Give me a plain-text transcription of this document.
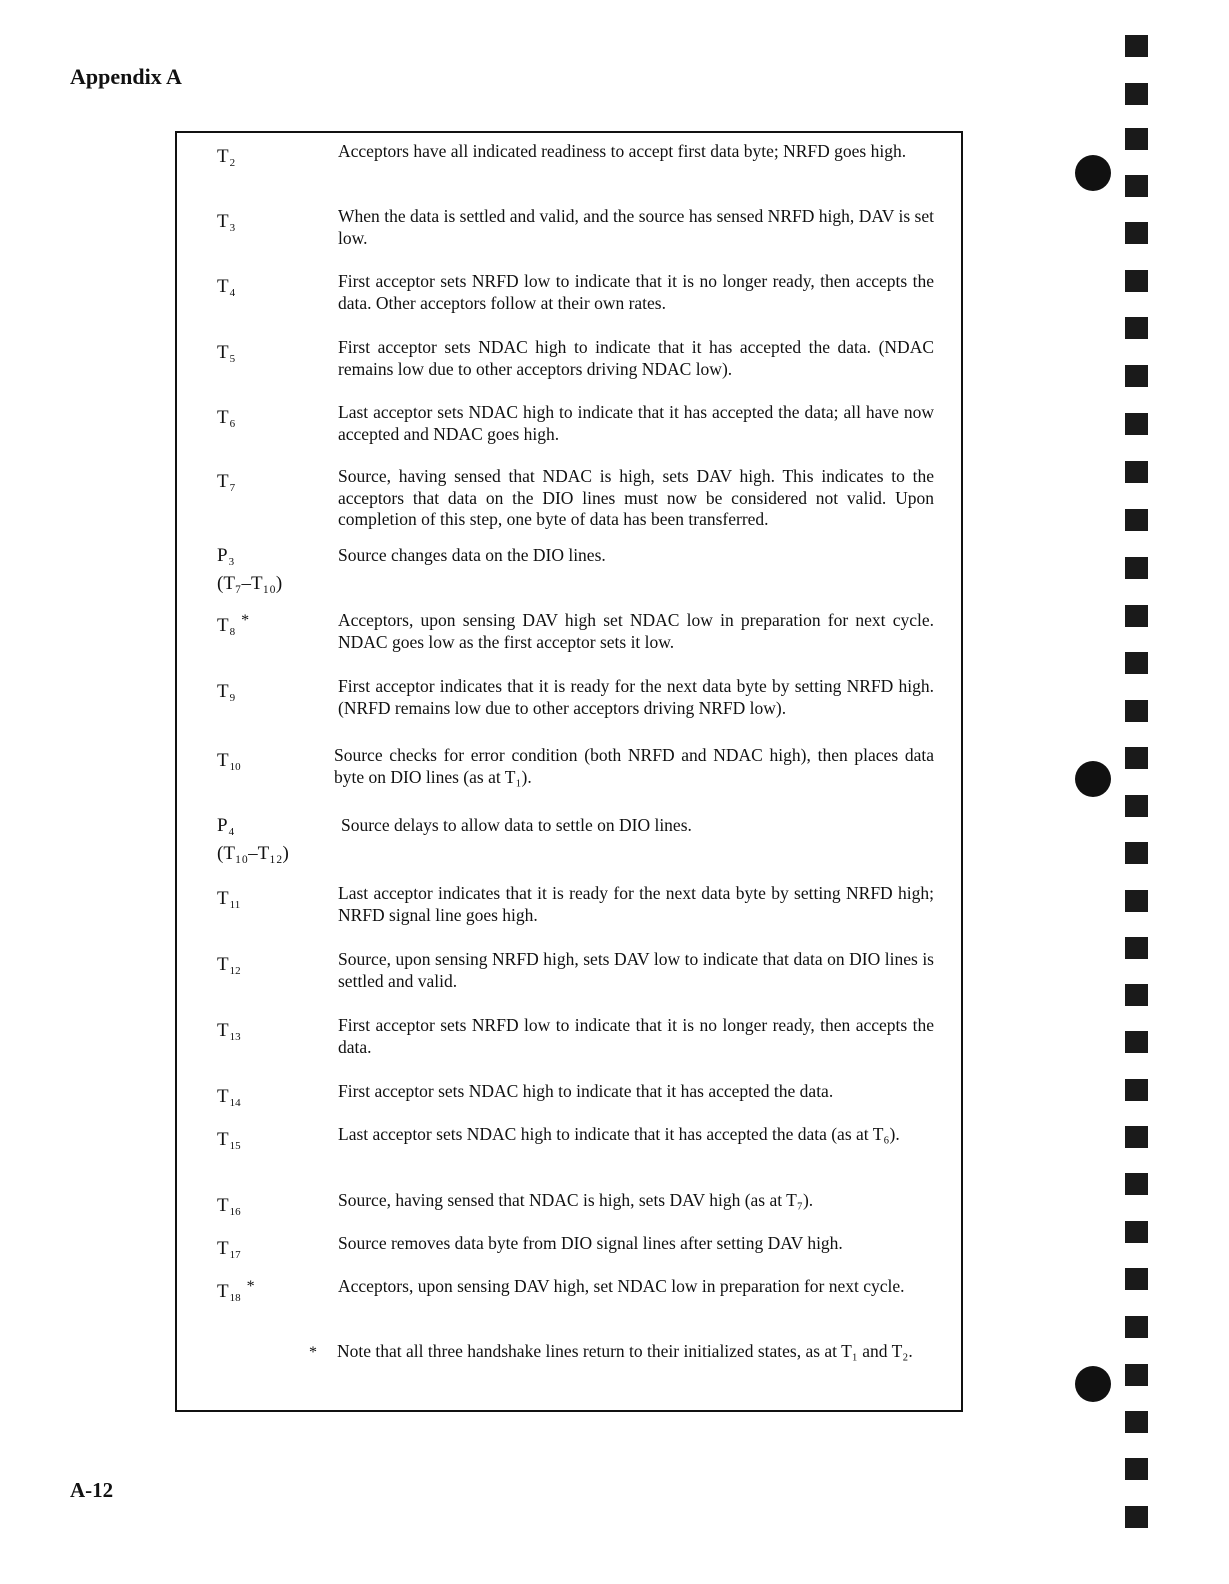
Appendix A
$T_2$
Acceptors have all indicated readiness to accept first data byte; NRFD goes high.
$T_3$
When the data is settled and valid, and the source has sensed NRFD high, DAV is set low.
$T_4$
First acceptor sets NRFD low to indicate that it is no longer ready, then accepts the data. Other acceptors follow at their own rates.
$T_5$
First acceptor sets NDAC high to indicate that it has accepted the data. (NDAC remains low due to other acceptors driving NDAC low).
$T_6$
Last acceptor sets NDAC high to indicate that it has accepted the data; all have now accepted and NDAC goes high.
$T_7$
Source, having sensed that NDAC is high, sets DAV high. This indicates to the acceptors that data on the DIO lines must now be considered not valid. Upon completion of this step, one byte of data has been transferred.
$P_3$
(T₇–T₁₀)
Source changes data on the DIO lines.
$T_8^*$	Acceptors, upon sensing DAV high set NDAC low in preparation for next cycle. NDAC goes low as the first acceptor sets it low.
$T_9$
First acceptor indicates that it is ready for the next data byte by setting NRFD high. (NRFD remains low due to other acceptors driving NRFD low).
$T_{10}$
Source checks for error condition (both NRFD and NDAC high), then places data byte on DIO lines (as at T₁).
$P_4$
(T₁₀–T₁₂)
Source delays to allow data to settle on DIO lines.
$T_{11}$
Last acceptor indicates that it is ready for the next data byte by setting NRFD high; NRFD signal line goes high.
$T_{12}$
Source, upon sensing NRFD high, sets DAV low to indicate that data on DIO lines is settled and valid.
$T_{13}$
First acceptor sets NRFD low to indicate that it is no longer ready, then accepts the data.
$T_{14}$
First acceptor sets NDAC high to indicate that it has accepted the data.
$T_{15}$
Last acceptor sets NDAC high to indicate that it has accepted the data (as at T₆).
$T_{16}$
Source, having sensed that NDAC is high, sets DAV high (as at T₇).
$T_{17}$
Source removes data byte from DIO signal lines after setting DAV high.
$T_{18}^*$	Acceptors, upon sensing DAV high, set NDAC low in preparation for next cycle.
* Note that all three handshake lines return to their initialized states, as at T₁ and T₂.
A-12
